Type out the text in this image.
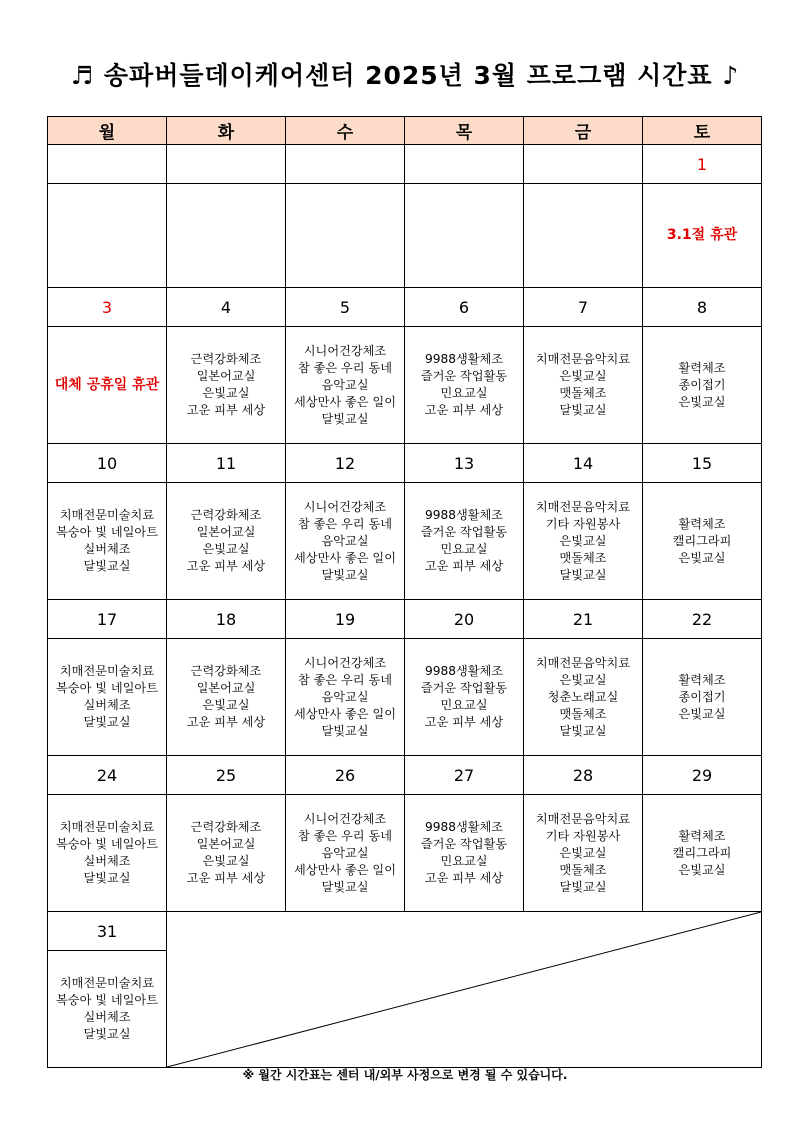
♬ 송파버들데이케어센터 2025년 3월 프로그램 시간표 ♪
월	화	수	목	금	토
					1

					3.1절 휴관

3	4	5	6	7	8

대체 공휴일 휴관	근력강화체조
일본어교실
은빛교실
고운 피부 세상	시니어건강체조
참 좋은 우리 동네
음악교실
세상만사 좋은 일이
달빛교실	9988생활체조
즐거운 작업활동
민요교실
고운 피부 세상	치매전문음악치료
은빛교실
맷돌체조
달빛교실	활력체조
종이접기
은빛교실

10	11	12	13	14	15

치매전문미술치료
복숭아 빛 네일아트
실버체조
달빛교실	근력강화체조
일본어교실
은빛교실
고운 피부 세상	시니어건강체조
참 좋은 우리 동네
음악교실
세상만사 좋은 일이
달빛교실	9988생활체조
즐거운 작업활동
민요교실
고운 피부 세상	치매전문음악치료
기타 자원봉사
은빛교실
맷돌체조
달빛교실	활력체조
캘리그라피
은빛교실

17	18	19	20	21	22

치매전문미술치료
복숭아 빛 네일아트
실버체조
달빛교실	근력강화체조
일본어교실
은빛교실
고운 피부 세상	시니어건강체조
참 좋은 우리 동네
음악교실
세상만사 좋은 일이
달빛교실	9988생활체조
즐거운 작업활동
민요교실
고운 피부 세상	치매전문음악치료
은빛교실
청춘노래교실
맷돌체조
달빛교실	활력체조
종이접기
은빛교실

24	25	26	27	28	29

치매전문미술치료
복숭아 빛 네일아트
실버체조
달빛교실	근력강화체조
일본어교실
은빛교실
고운 피부 세상	시니어건강체조
참 좋은 우리 동네
음악교실
세상만사 좋은 일이
달빛교실	9988생활체조
즐거운 작업활동
민요교실
고운 피부 세상	치매전문음악치료
기타 자원봉사
은빛교실
맷돌체조
달빛교실	활력체조
캘리그라피
은빛교실

31	

치매전문미술치료
복숭아 빛 네일아트
실버체조
달빛교실					
※ 월간 시간표는 센터 내/외부 사정으로 변경 될 수 있습니다.
